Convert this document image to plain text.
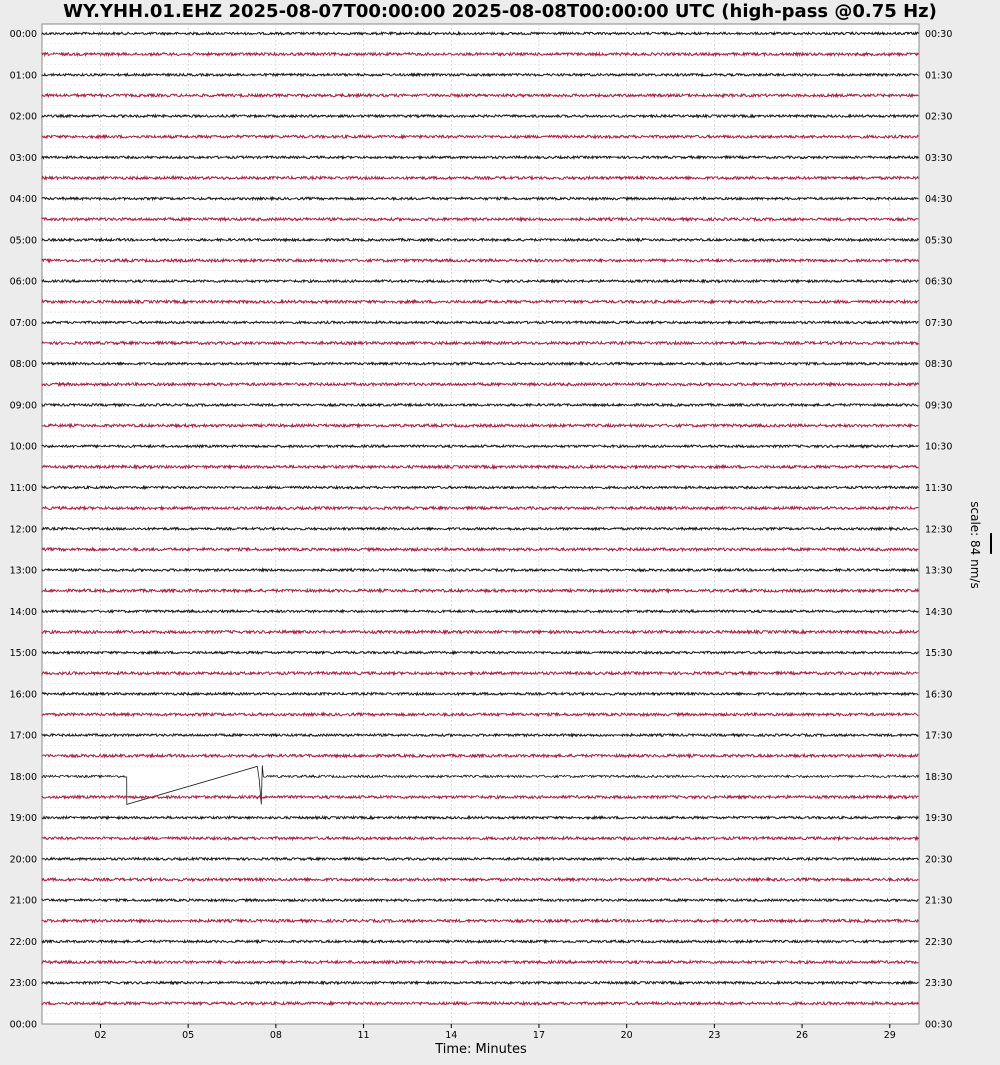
WY.YHH.01.EHZ 2025-08-07T00:00:00 2025-08-08T00:00:00 UTC (high-pass @0.75 Hz)
02	05	08	11	14	17	20	23	26	29
00:00
01:00
02:00
03:00
04:00
05:00
06:00
07:00
08:00
09:00
10:00
11:00
12:00
13:00
14:00
15:00
16:00
17:00
18:00
19:00
20:00
21:00
22:00
23:00
00:00
00:30
01:30
02:30
03:30
04:30
05:30
06:30
07:30
08:30
09:30
10:30
11:30
12:30
13:30
14:30
15:30
16:30
17:30
18:30
19:30
20:30
21:30
22:30
23:30
00:30
Time: Minutes
scale: 84 nm/s
